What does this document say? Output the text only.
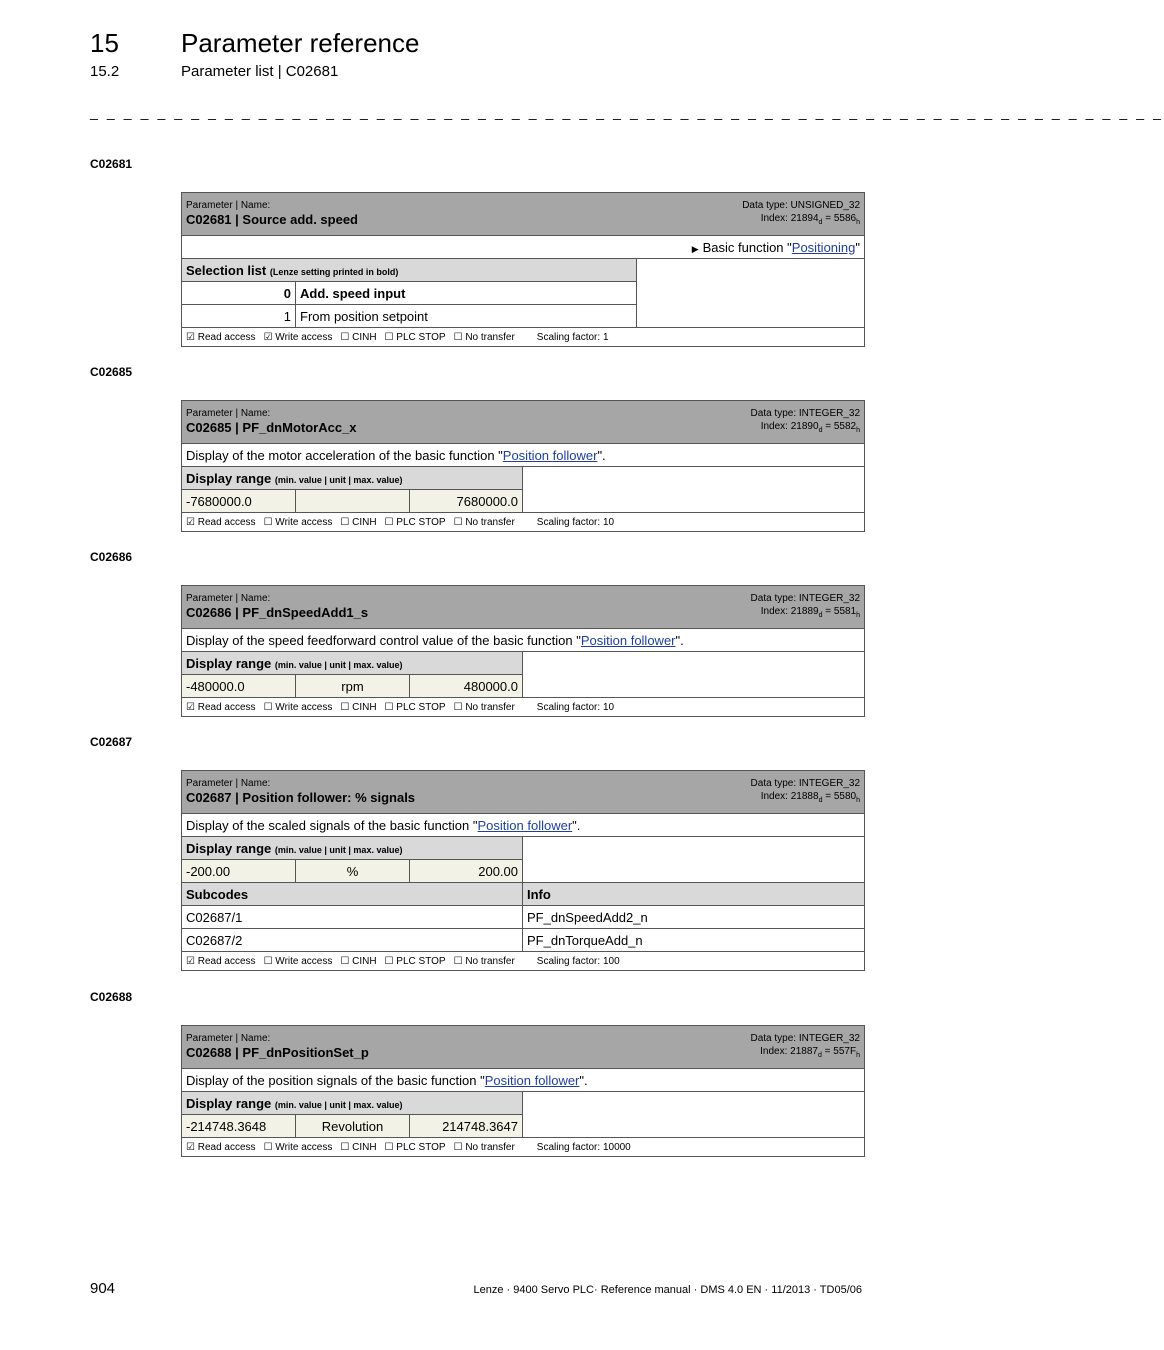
15 Parameter reference
15.2	Parameter list | C02681
_ _ _ _ _ _ _ _ _ _ _ _ _ _ _ _ _ _ _ _ _ _ _ _ _ _ _ _ _ _ _ _ _ _ _ _ _ _ _ _ _ _ _ _ _ _ _ _ _ _ _ _ _ _ _ _ _ _ _ _ _ _ _ _
C02681
Parameter | Name:
C02681 | Source add. speed
Data type: UNSIGNED_32
Index: $21894_d = 5586_h$

▶ Basic function "Positioning"		
Selection list (Lenze setting printed in bold)		
0	Add. speed input	
1	From position setpoint	
☑ Read access ☑ Write access ☐ CINH ☐ PLC STOP ☐ No transfer Scaling factor: 1		
C02685
Parameter | Name:
C02685 | PF_dnMotorAcc_x
Data type: INTEGER_32
Index: $21890_d = 5582_h$

Display of the motor acceleration of the basic function "Position follower".			
Display range (min. value | unit | max. value)			
-7680000.0		7680000.0	
☑ Read access ☐ Write access ☐ CINH ☐ PLC STOP ☐ No transfer Scaling factor: 10			
C02686
Parameter | Name:
C02686 | PF_dnSpeedAdd1_s
Data type: INTEGER_32
Index: $21889_d = 5581_h$

Display of the speed feedforward control value of the basic function "Position follower".			
Display range (min. value | unit | max. value)			
-480000.0	rpm	480000.0	
☑ Read access ☐ Write access ☐ CINH ☐ PLC STOP ☐ No transfer Scaling factor: 10			
C02687
Parameter | Name:
C02687 | Position follower: % signals
Data type: INTEGER_32
Index: $21888_d = 5580_h$

Display of the scaled signals of the basic function "Position follower".			
Display range (min. value | unit | max. value)			
-200.00	%	200.00	
Subcodes			Info
C02687/1			PF_dnSpeedAdd2_n
C02687/2			PF_dnTorqueAdd_n
☑ Read access ☐ Write access ☐ CINH ☐ PLC STOP ☐ No transfer Scaling factor: 100			
C02688
Parameter | Name:
C02688 | PF_dnPositionSet_p
Data type: INTEGER_32
Index: $21887_d = 557F_h$

Display of the position signals of the basic function "Position follower".			
Display range (min. value | unit | max. value)			
-214748.3648	Revolution	214748.3647	
☑ Read access ☐ Write access ☐ CINH ☐ PLC STOP ☐ No transfer Scaling factor: 10000			
904	Lenze · 9400 Servo PLC· Reference manual · DMS 4.0 EN · 11/2013 · TD05/06
